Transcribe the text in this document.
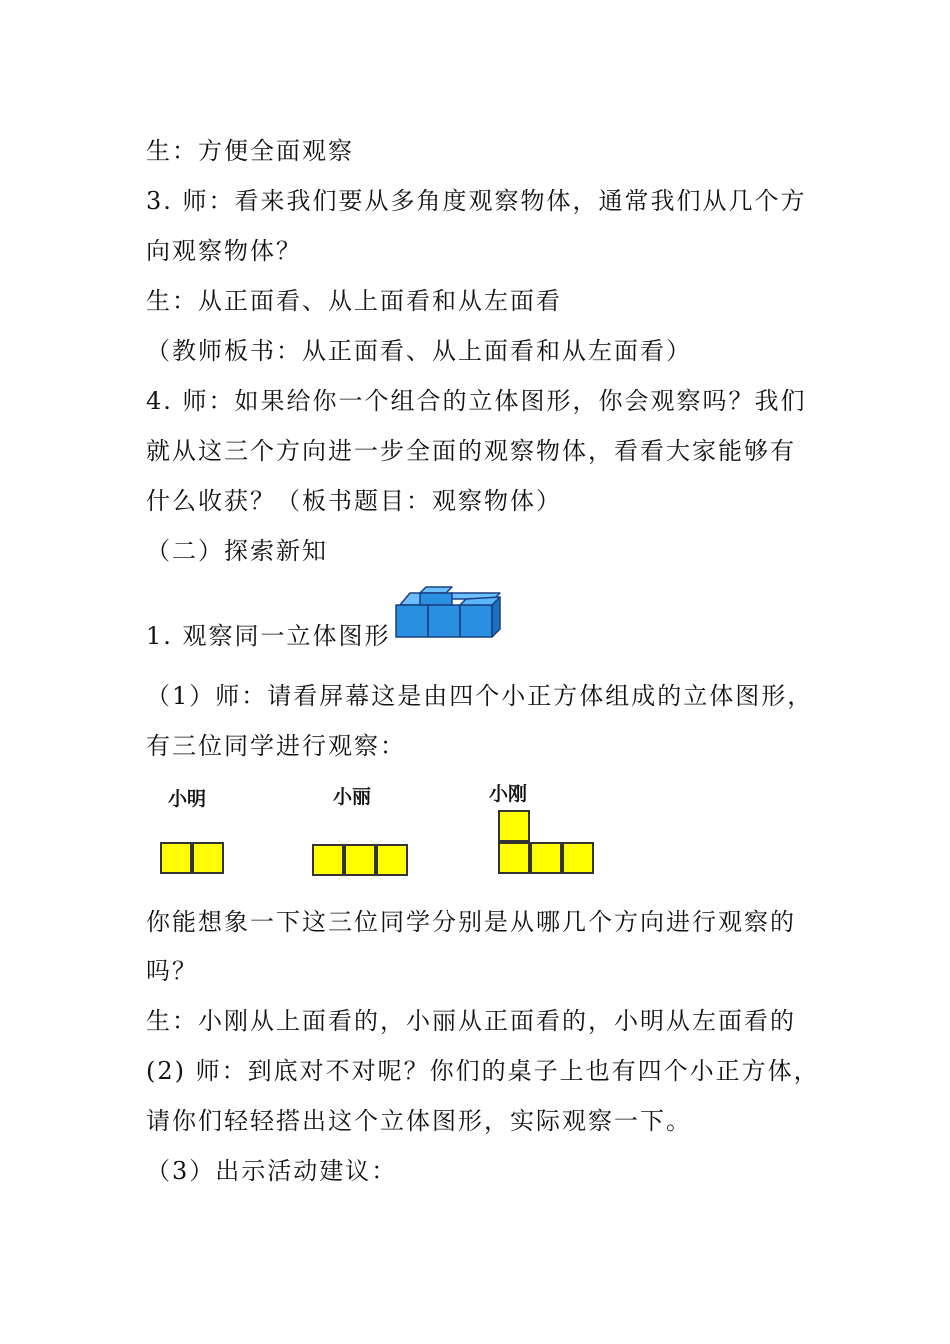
生：方便全面观察
3. 师：看来我们要从多角度观察物体，通常我们从几个方
向观察物体？
生：从正面看、从上面看和从左面看
（教师板书：从正面看、从上面看和从左面看）
4. 师：如果给你一个组合的立体图形，你会观察吗？我们
就从这三个方向进一步全面的观察物体，看看大家能够有
什么收获？（板书题目：观察物体）
（二）探索新知
1. 观察同一立体图形
（1）师：请看屏幕这是由四个小正方体组成的立体图形，
有三位同学进行观察：
小明	小丽	小刚
你能想象一下这三位同学分别是从哪几个方向进行观察的
吗？
生：小刚从上面看的，小丽从正面看的，小明从左面看的
(2) 师：到底对不对呢？你们的桌子上也有四个小正方体，
请你们轻轻搭出这个立体图形，实际观察一下。
（3）出示活动建议：
